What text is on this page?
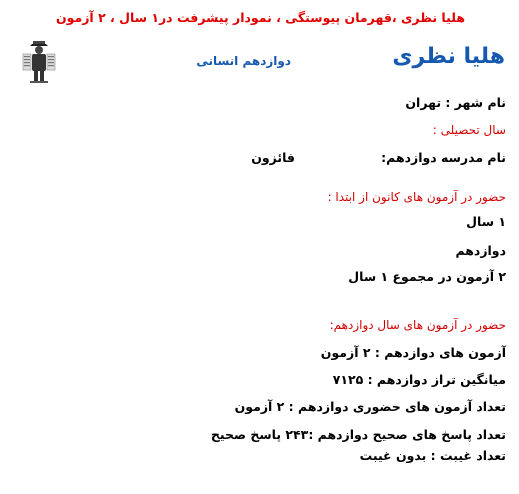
هلیا نظری ،قهرمان پیوستگی ، نمودار پیشرفت در۱ سال ، ۲ آزمون
هلیا نظری
دوازدهم انسانی
نام شهر : تهران
سال تحصیلی :
نام مدرسه دوازدهم:
فائزون
حضور در آزمون های کانون از ابتدا :
۱ سال
دوازدهم
۲ آزمون در مجموع ۱ سال
حضور در آزمون های سال دوازدهم:
آزمون های دوازدهم : ۲ آزمون
میانگین تراز دوازدهم : ۷۱۲۵
تعداد آزمون های حضوری دوازدهم : ۲ آزمون
تعداد پاسخ های صحیح دوازدهم :۲۴۳ پاسخ صحیح
تعداد غیبت : بدون غیبت
